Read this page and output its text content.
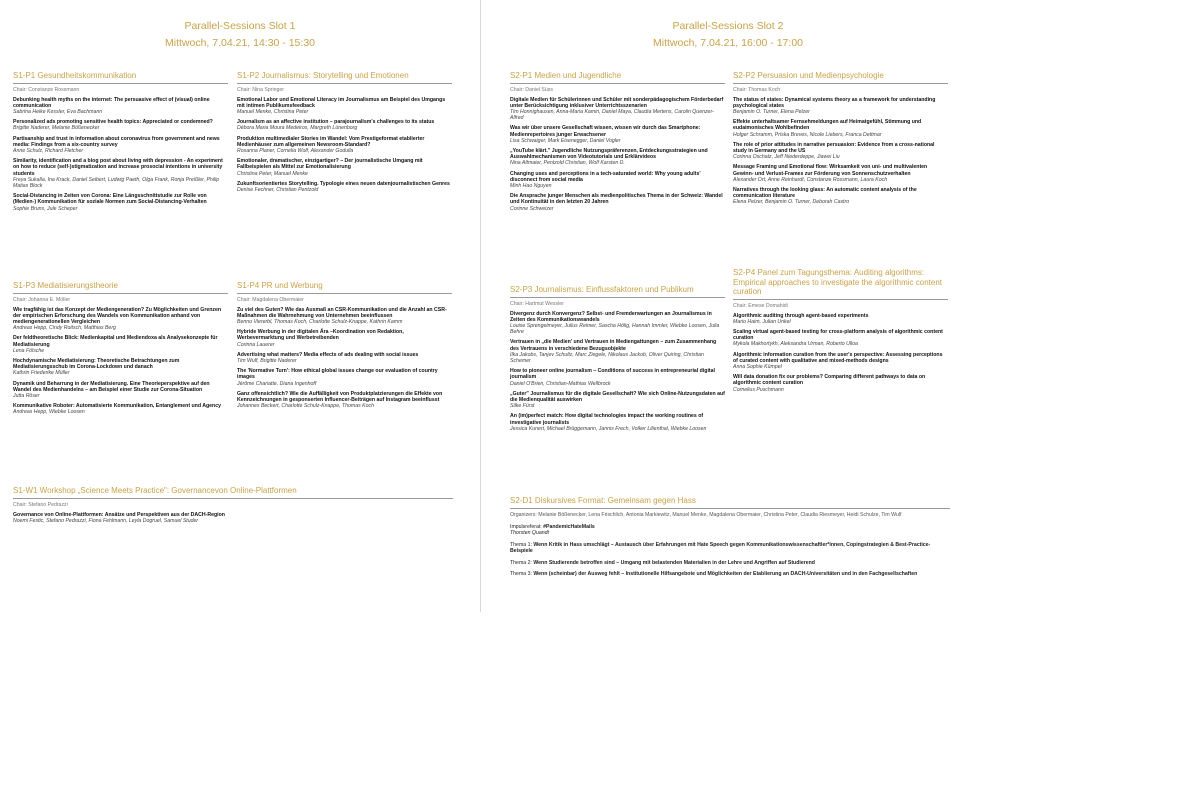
Parallel-Sessions Slot 1
Mittwoch, 7.04.21, 14:30 - 15:30
S1-P1 Gesundheitskommunikation
Chair: Constanze Rossmann
Debunking health myths on the internet: The persuasive effect of (visual) online communication
Sabrina Heike Kessler, Eva Bachmann
Personalized ads promoting sensitive health topics: Appreciated or condemned?
Brigitte Naderer, Melanie Bößenecker
Partisanship and trust in information about coronavirus from government and news media: Findings from a six-country survey
Anne Schulz, Richard Fletcher
Similarity, identification and a blog post about living with depression - An experiment on how to reduce (self-)stigmatization and increase prosocial intentions in university students
Freya Sukalla, Ina Krack, Daniel Seibert, Ludwig Paeth, Olga Frank, Ronja Preißler, Philip Matias Block
Social-Distancing in Zeiten von Corona: Eine Längsschnittstudie zur Rolle von (Medien-) Kommunikation für soziale Normen zum Social-Distancing-Verhalten
Sophie Bruns, Jule Scheper
S1-P2 Journalismus: Storytelling und Emotionen
Chair: Nina Springer
Emotional Labor und Emotional Literacy im Journalismus am Beispiel des Umgangs mit intimen Publikumsfeedback
Manuel Menke, Christina Peter
Journalism as an affective institution – parajournalism's challenges to its status
Débora Maria Moura Medeiros, Margreth Lünenborg
Produktion multimedialer Stories im Wandel: Vom Prestigeformat etablierter Medienhäuser zum allgemeinen Newsroom-Standard?
Rosanna Planer, Cornelia Wolf, Alexander Godulla
Emotionaler, dramatischer, einzigartiger? – Der journalistische Umgang mit Fallbeispielen als Mittel zur Emotionalisierung
Christina Peter, Manuel Menke
Zukunftsorientiertes Storytelling. Typologie eines neuen datenjournalistischen Genres
Denise Fechner, Christian Pentzold
S1-P3 Mediatisierungstheorie
Chair: Johanna E. Möller
Wie tragfähig ist das Konzept der Mediengeneration? Zu Möglichkeiten und Grenzen der empirischen Erforschung des Wandels von Kommunikation anhand von mediengenerationellen Vergleichen
Andreas Hepp, Cindy Roitsch, Matthias Berg
Der feldtheoretische Blick: Medienkapital und Mediendoxa als Analysekonzepte für Mediatisierung
Lena Fölsche
Hochdynamische Mediatisierung: Theoretische Betrachtungen zum Mediatisierungsschub im Corona-Lockdown und danach
Kathrin Friederike Müller
Dynamik und Beharrung in der Mediatisierung. Eine Theorieperspektive auf den Wandel des Medienhandelns – am Beispiel einer Studie zur Corona-Situation
Jutta Röser
Kommunikative Roboter: Automatisierte Kommunikation, Entanglement und Agency
Andreas Hepp, Wiebke Loosen
S1-P4 PR und Werbung
Chair: Magdalena Obermaier
Zu viel des Guten? Wie das Ausmaß an CSR-Kommunikation und die Anzahl an CSR-Maßnahmen die Wahrnehmung von Unternehmen beeinflussen
Benno Viererbl, Thomas Koch, Charlotte Schulz-Knappe, Kathrin Kamm
Hybride Werbung in der digitalen Ära –Koordination von Redaktion, Werbevermarktung und Werbetreibenden
Corinna Lauerer
Advertising what matters? Media effects of ads dealing with social issues
Tim Wulf, Brigitte Naderer
The 'Normative Turn': How ethical global issues change our evaluation of country images
Jérôme Chariatte, Diana Ingenhoff
Ganz offensichtlich? Wie die Auffälligkeit von Produktplatzierungen die Effekte von Kennzeichnungen in gesponserten Influencer-Beiträgen auf Instagram beeinflusst
Johannes Beckert, Charlotte Schulz-Knappe, Thomas Koch
S1-W1 Workshop „Science Meets Practice": Governancevon Online-Plattformen
Chair: Stefano Pedrazzi
Governance von Online-Plattformen: Ansätze und Perspektiven aus der DACH-Region
Noemi Festic, Stefano Pedrazzi, Fiona Fehlmann, Leyla Dogruel, Samuel Studer
Parallel-Sessions Slot 2
Mittwoch, 7.04.21, 16:00 - 17:00
S2-P1 Medien und Jugendliche
Chair: Daniel Süss
Digitale Medien für Schülerinnen und Schüler mit sonderpädagogischem Förderbedarf unter Berücksichtigung inklusiver Unterrichtsszenarien
Tim Honnighausen, Anna-Maria Kamin, Daniel Maya, Claudia Mertens, Carolin Quenzer-Alfred
Was wir über unsere Gesellschaft wissen, wissen wir durch das Smartphone: Medienrepertoires junger Erwachsener
Lisa Schwaiger, Mark Eisenegger, Daniel Vogler
„YouTube klärt." Jugendliche Nutzungspräferenzen, Entdeckungsstrategien und Auswahlmechanismen von Videotutorials und Erklärvideos
Nina Altmaier, Pentzold Christian, Wolf Karsten D.
Changing uses and perceptions in a tech-saturated world: Why young adults' disconnect from social media
Minh Hao Nguyen
Die Ansprache junger Menschen als medienpolitisches Thema in der Schweiz: Wandel und Kontinuität in den letzten 20 Jahren
Corinne Schweizer
S2-P2 Persuasion und Medienpsychologie
Chair: Thomas Koch
The status of states: Dynamical systems theory as a framework for understanding psychological states
Benjamin O. Turner, Elena Pelzer
Effekte unterhaltsamer Fernsehmeldungen auf Heimatgefühl, Stimmung und eudaimonisches Wohlbefinden
Holger Schramm, Priska Breves, Nicole Liebers, Franca Dettmar
The role of prior attitudes in narrative persuasion: Evidence from a cross-national study in Germany and the US
Corinna Oschatz, Jeff Niederdeppe, Jiawei Liu
Message Framing und Emotional flow: Wirksamkeit von uni- und multivalenten Gewinn- und Verlust-Frames zur Förderung von Sonnenschutzverhalten
Alexander Ort, Anne Reinhardt, Constanze Rossmann, Laura Koch
Narratives through the looking glass: An automatic content analysis of the communication literature
Elena Pelzer, Benjamin O. Turner, Deborah Castro
S2-P3 Journalismus: Einflussfaktoren und Publikum
Chair: Hartmut Wessler
Divergenz durch Konvergenz? Selbst- und Fremderwartungen an Journalismus in Zeiten des Kommunikationswandels
Louise Sprengelmeyer, Julius Reimer, Sascha Hölig, Hannah Immler, Wiebke Loosen, Julia Behre
Vertrauen in „die Medien' und Vertrauen in Mediengattungen – zum Zusammenhang des Vertrauens in verschiedene Bezugsobjekte
Ilka Jakobs, Tanjev Schultz, Marc Ziegele, Nikolaus Jackob, Oliver Quiring, Christian Schemer
How to pioneer online journalism – Conditions of success in entrepreneurial digital journalism
Daniel O'Brien, Christian-Mathias Wellbrock
„Guter" Journalismus für die digitale Gesellschaft? Wie sich Online-Nutzungsdaten auf die Medienqualität auswirken
Silke Fürst
An (im)perfect match: How digital technologies impact the working routines of investigative journalists
Jessica Kunert, Michael Brüggemann, Jannis Frech, Volker Lilienthal, Wiebke Loosen
S2-P4 Panel zum Tagungsthema: Auditing algorithms: Empirical approaches to investigate the algorithmic content curation
Chair: Emese Domahidi
Algorithmic auditing through agent-based experiments
Mario Haim, Julian Unkel
Scaling virtual agent-based testing for cross-platform analysis of algorithmic content curation
Mykola Makhortykh, Aleksandra Urman, Roberto Ulloa
Algorithmic information curation from the user's perspective: Assessing perceptions of curated content with qualitative and mixed-methods designs
Anna Sophie Kümpel
Will data donation fix our problems? Comparing different pathways to data on algorithmic content curation
Cornelius Puschmann
S2-D1 Diskursives Format: Gemeinsam gegen Hass
Organizers: Melanie Bößenecker, Lena Frischlich, Antonia Markiewitz, Manuel Menke, Magdalena Obermaier, Christina Peter, Claudia Riesmeyer, Heidi Schulze, Tim Wulf
Impulsreferat: #PandemicHateMails
Thorsten Quandt
Thema 1: Wenn Kritik in Hass umschlägt – Austausch über Erfahrungen mit Hate Speech gegen Kommunikationswissenschaftler*innen, Copingstrategien & Best-Practice-Beispiele
Thema 2: Wenn Studierende betroffen sind – Umgang mit belastenden Materialien in der Lehre und Angriffen auf Studierend
Thema 3: Wenn (scheinbar) der Ausweg fehlt – Institutionelle Hilfsangebote und Möglichkeiten der Etablierung an DACH-Universitäten und in den Fachgesellschaften
